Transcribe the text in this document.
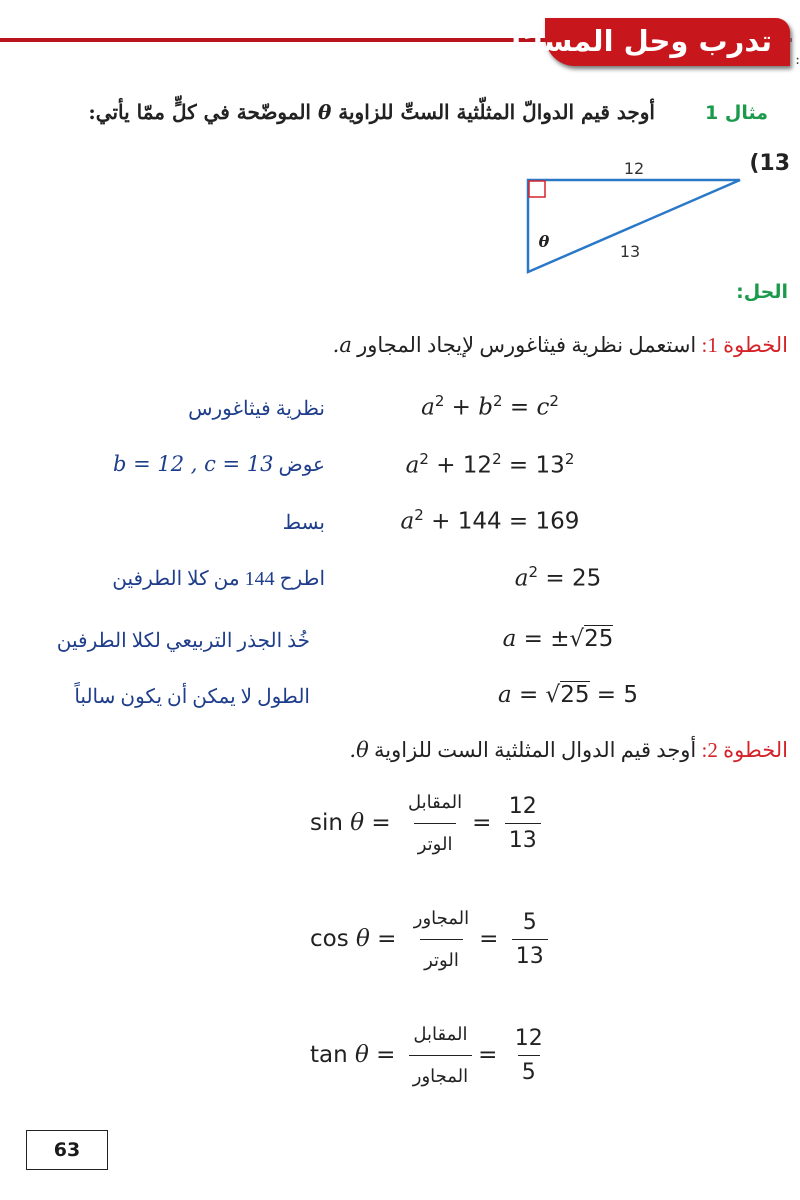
تدرب وحل المسائل
:
مثال 1
أوجد قيم الدوالّ المثلّثية الستِّ للزاوية θ الموضّحة في كلٍّ ممّا يأتي:
(13
12
13
θ
الحل:
الخطوة 1: استعمل نظرية فيثاغورس لإيجاد المجاور a.
$a^2 + b^2 = c^2$
$a^2 + 12^2 = 13^2$
$a^2 + 144 = 169$
$a^2 = 25$
a = ±√25
a = √25 = 5
نظرية فيثاغورس
عوض b = 12 , c = 13
بسط
اطرح 144 من كلا الطرفين
خُذ الجذر التربيعي لكلا الطرفين
الطول لا يمكن أن يكون سالباً
الخطوة 2: أوجد قيم الدوال المثلثية الست للزاوية θ.
$\sin \theta = \frac{\text{المقابل}}{\text{الوتر}} = \frac{12}{13}$
$\cos \theta = \frac{\text{المجاور}}{\text{الوتر}} = \frac{5}{13}$
$\tan \theta = \frac{\text{المقابل}}{\text{المجاور}} = \frac{12}{5}$
63
